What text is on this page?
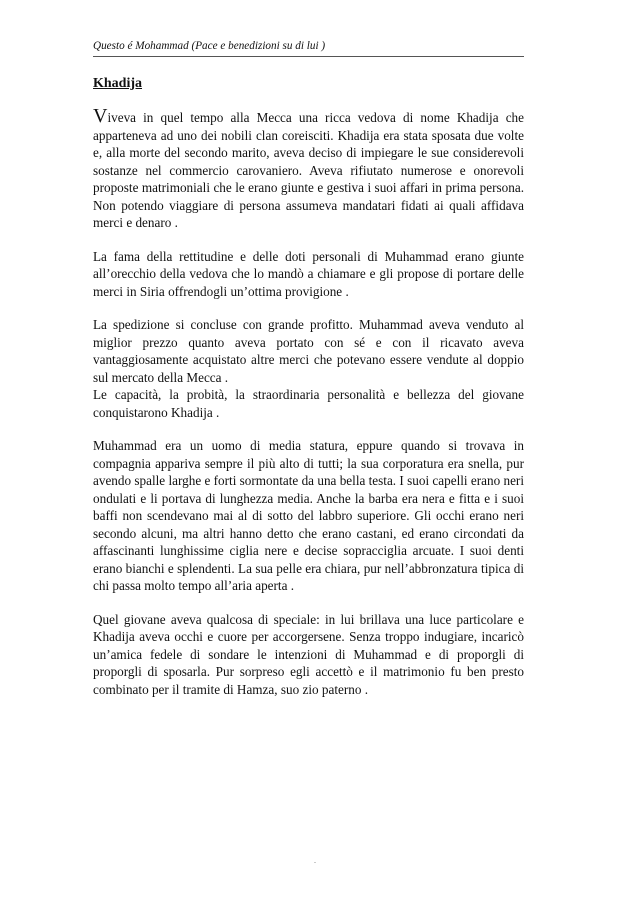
Questo é Mohammad (Pace e benedizioni su di lui )
Khadija

Viveva in quel tempo alla Mecca una ricca vedova di nome Khadija che apparteneva ad uno dei nobili clan coreisciti. Khadija era stata sposata due volte e, alla morte del secondo marito, aveva deciso di impiegare le sue considerevoli sostanze nel commercio carovaniero. Aveva rifiutato numerose e onorevoli proposte matrimoniali che le erano giunte e gestiva i suoi affari in prima persona. Non potendo viaggiare di persona assumeva mandatari fidati ai quali affidava merci e denaro .

La fama della rettitudine e delle doti personali di Muhammad erano giunte all’orecchio della vedova che lo mandò a chiamare e gli propose di portare delle merci in Siria offrendogli un’ottima provigione .

La spedizione si concluse con grande profitto. Muhammad aveva venduto al miglior prezzo quanto aveva portato con sé e con il ricavato aveva vantaggiosamente acquistato altre merci che potevano essere vendute al doppio sul mercato della Mecca .

Le capacità, la probità, la straordinaria personalità e bellezza del giovane conquistarono Khadija .

Muhammad era un uomo di media statura, eppure quando si trovava in compagnia appariva sempre il più alto di tutti; la sua corporatura era snella, pur avendo spalle larghe e forti sormontate da una bella testa. I suoi capelli erano neri ondulati e li portava di lunghezza media. Anche la barba era nera e fitta e i suoi baffi non scendevano mai al di sotto del labbro superiore. Gli occhi erano neri secondo alcuni, ma altri hanno detto che erano castani, ed erano circondati da affascinanti lunghissime ciglia nere e decise sopracciglia arcuate. I suoi denti erano bianchi e splendenti. La sua pelle era chiara, pur nell’abbronzatura tipica di chi passa molto tempo all’aria aperta .

Quel giovane aveva qualcosa di speciale: in lui brillava una luce particolare e Khadija aveva occhi e cuore per accorgersene. Senza troppo indugiare, incaricò un’amica fedele di sondare le intenzioni di Muhammad e di proporgli di proporgli di sposarla. Pur sorpreso egli accettò e il matrimonio fu ben presto combinato per il tramite di Hamza, suo zio paterno .

.
